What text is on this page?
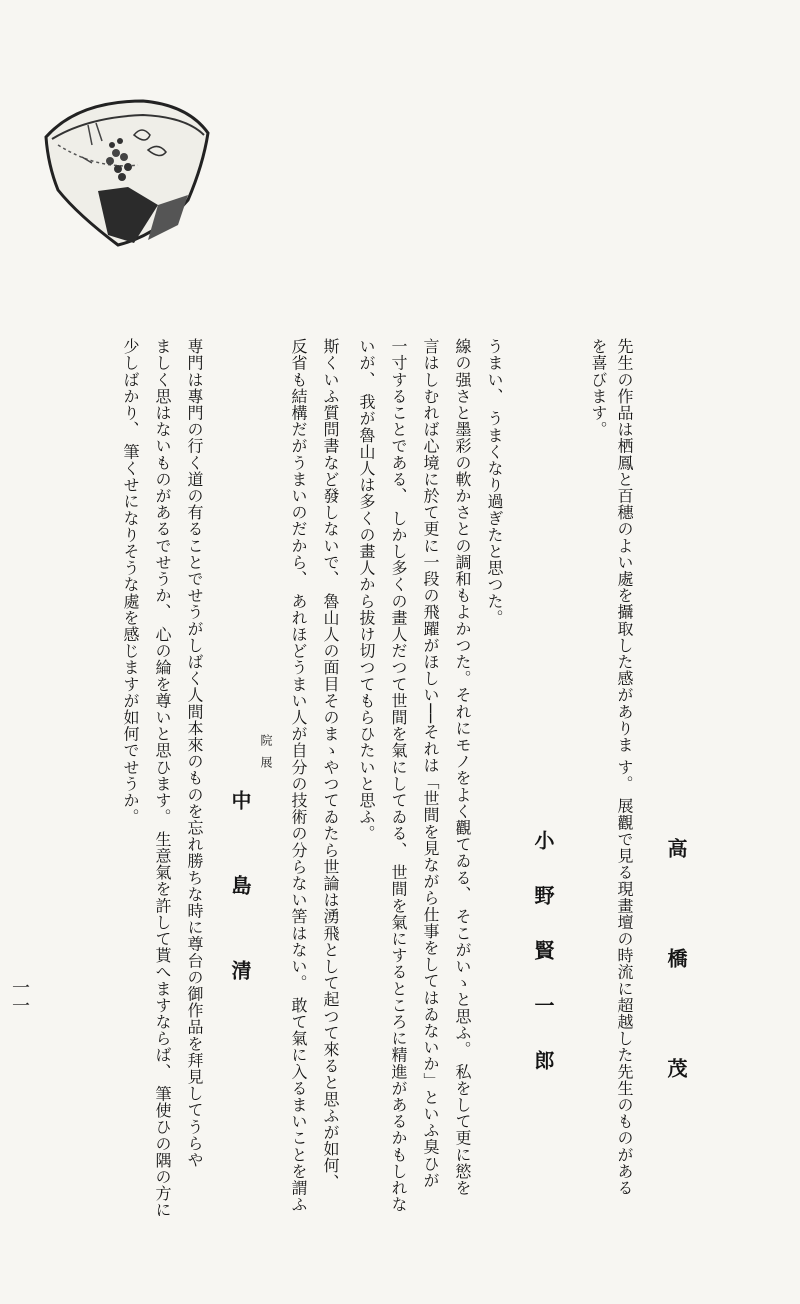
先生の作品は栖鳳と百穗のよい處を攝取した感がありま す。 展觀で見る現畫壇の時流に超越した先生のものがある
を喜びます。
高
橋
茂
小
野
賢
一
郎
うまい、 うまくなり過ぎたと思つた。
線の强さと墨彩の軟かさとの調和もよかつた。それにモノをよく觀てゐる、 そこがいゝと思ふ。 私をして更に慾を
言はしむれば心境に於て更に一段の飛躍がほしい──それは「世間を見ながら仕事をしてはゐないか」といふ臭ひが
一寸することである、 しかし多くの畫人だつて世間を氣にしてゐる、 世間を氣にするところに精進があるかもしれな
いが、 我が魯山人は多くの畫人から拔け切つてもらひたいと思ふ。
斯くいふ質問書など發しないで、 魯山人の面目そのまゝやつてゐたら世論は湧飛として起つて來ると思ふが如何、
反省も結構だがうまいのだから、 あれほどうまい人が自分の技術の分らない筈はない。 敢て氣に入るまいことを謂ふ
院展
中
島
清
専門は專門の行く道の有ることでせうがしばく人間本來のものを忘れ勝ちな時に尊台の御作品を拜見してうらや
ましく思はないものがあるでせうか、 心の綸を尊いと思ひます。 生意氣を許して貰へますならば、 筆使ひの隅の方に
少しばかり、 筆くせになりそうな處を感じますが如何でせうか。
一一
